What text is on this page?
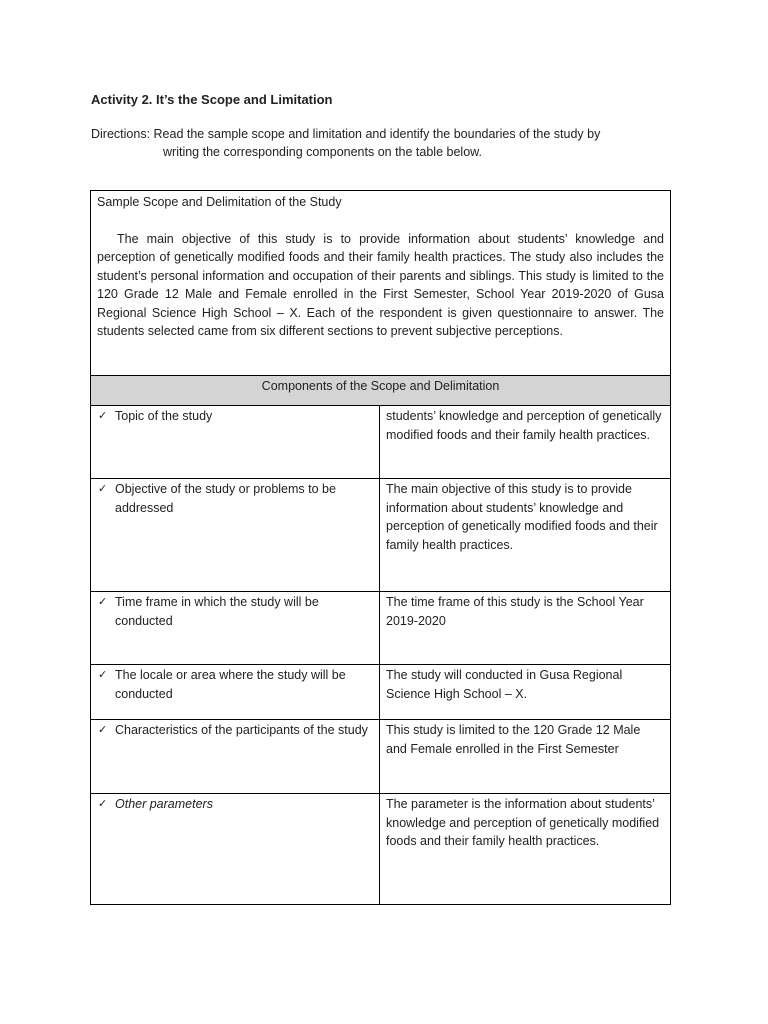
Activity 2. It’s the Scope and Limitation
Directions: Read the sample scope and limitation and identify the boundaries of the study by
writing the corresponding components on the table below.
Sample Scope and Delimitation of the Study
The main objective of this study is to provide information about students’ knowledge and perception of genetically modified foods and their family health practices. The study also includes the student’s personal information and occupation of their parents and siblings. This study is limited to the 120 Grade 12 Male and Female enrolled in the First Semester, School Year 2019-2020 of Gusa Regional Science High School – X. Each of the respondent is given questionnaire to answer. The students selected came from six different sections to prevent subjective perceptions.	

Components of the Scope and Delimitation	

✓ Topic of the study	students’ knowledge and perception of genetically modified foods and their family health practices.

✓ Objective of the study or problems to be addressed	The main objective of this study is to provide information about students’ knowledge and perception of genetically modified foods and their family health practices.

✓ Time frame in which the study will be conducted	The time frame of this study is the School Year 2019-2020

✓ The locale or area where the study will be conducted	The study will conducted in Gusa Regional Science High School – X.

✓ Characteristics of the participants of the study	This study is limited to the 120 Grade 12 Male and Female enrolled in the First Semester

✓ Other parameters	The parameter is the information about students’ knowledge and perception of genetically modified foods and their family health practices.
